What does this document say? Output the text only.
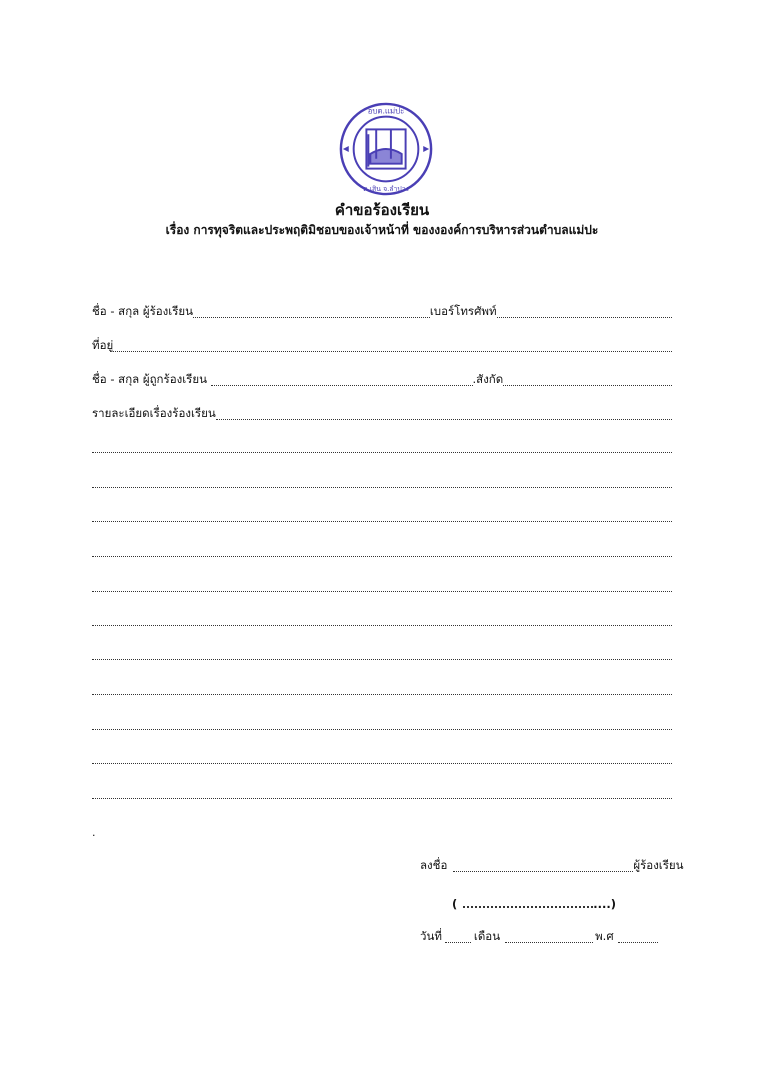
อบต.แม่ปะ
ต.เสิน จ.ลำปาง
คำขอร้องเรียน
เรื่อง การทุจริตและประพฤติมิชอบของเจ้าหน้าที่ ของงองค์การบริหารส่วนตำบลแม่ปะ
ชื่อ - สกุล ผู้ร้องเรียน	เบอร์โทรศัพท์
ที่อยู่
ชื่อ - สกุล ผู้ถูกร้องเรียน	.สังกัด
รายละเอียดเรื่องร้องเรียน
.
ลงชื่อ	ผู้ร้องเรียน
(	....)
วันที่	เดือน	พ.ศ
